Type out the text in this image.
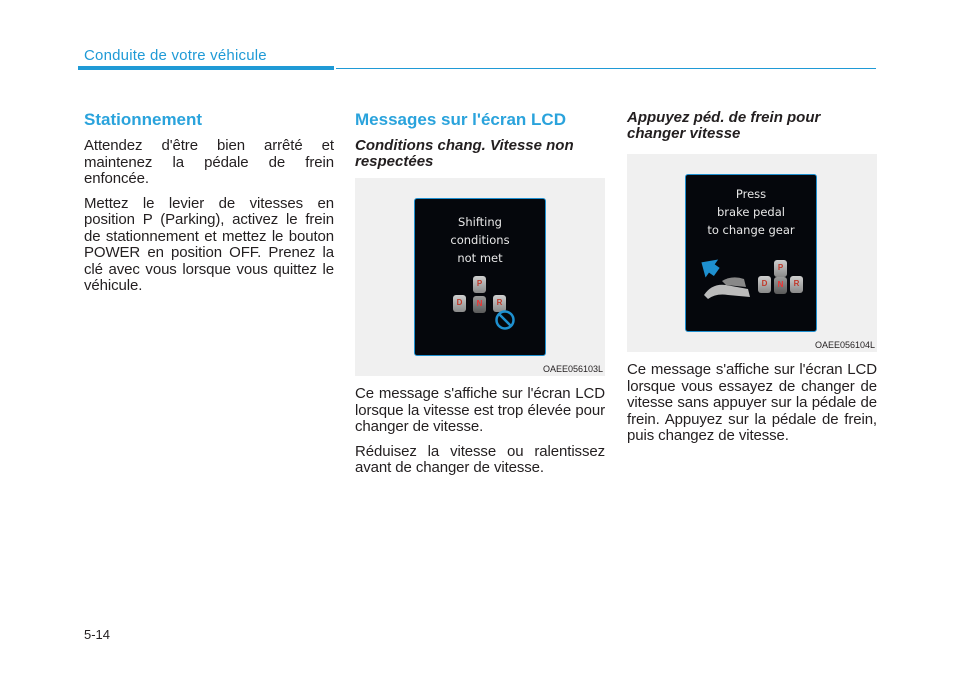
Conduite de votre véhicule
Stationnement

Attendez d'être bien arrêté et maintenez la pédale de frein enfoncée.

Mettez le levier de vitesses en position P (Parking), activez le frein de stationnement et mettez le bouton POWER en position OFF. Prenez la clé avec vous lorsque vous quittez le véhicule.

Messages sur l'écran LCD
Conditions chang. Vitesse non respectées
Shifting
conditions
not met
P
D	N	R
OAEE056103L

Ce message s'affiche sur l'écran LCD lorsque la vitesse est trop élevée pour changer de vitesse.

Réduisez la vitesse ou ralentissez avant de changer de vitesse.

Appuyez péd. de frein pour changer vitesse
Press
brake pedal
to change gear
P
D	N	R
OAEE056104L

Ce message s'affiche sur l'écran LCD lorsque vous essayez de changer de vitesse sans appuyer sur la pédale de frein. Appuyez sur la pédale de frein, puis changez de vitesse.

5-14
